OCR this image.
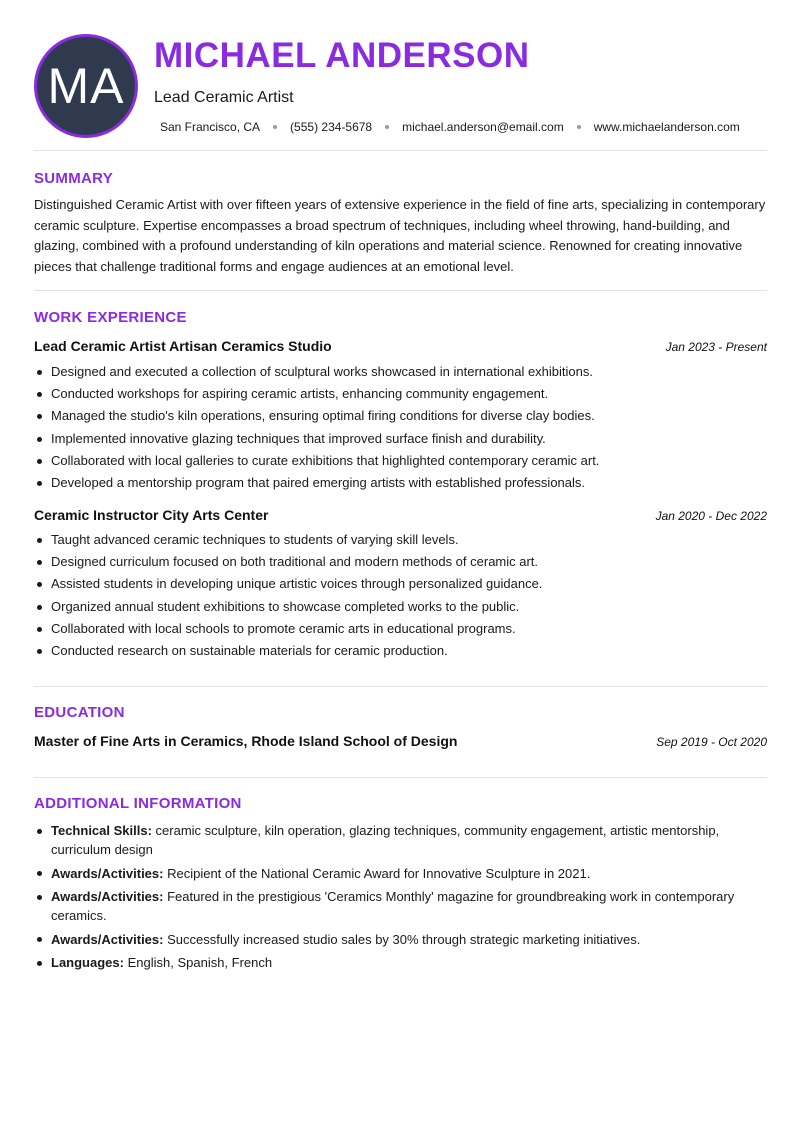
MA
MICHAEL ANDERSON
Lead Ceramic Artist
San Francisco, CA	(555) 234-5678	michael.anderson@email.com	www.michaelanderson.com
SUMMARY

Distinguished Ceramic Artist with over fifteen years of extensive experience in the field of fine arts, specializing in contemporary ceramic sculpture. Expertise encompasses a broad spectrum of techniques, including wheel throwing, hand-building, and glazing, combined with a profound understanding of kiln operations and material science. Renowned for creating innovative pieces that challenge traditional forms and engage audiences at an emotional level.

WORK EXPERIENCE
Lead Ceramic Artist Artisan Ceramics Studio	Jan 2023 - Present
Designed and executed a collection of sculptural works showcased in international exhibitions.
Conducted workshops for aspiring ceramic artists, enhancing community engagement.
Managed the studio's kiln operations, ensuring optimal firing conditions for diverse clay bodies.
Implemented innovative glazing techniques that improved surface finish and durability.
Collaborated with local galleries to curate exhibitions that highlighted contemporary ceramic art.
Developed a mentorship program that paired emerging artists with established professionals.
Ceramic Instructor City Arts Center	Jan 2020 - Dec 2022
Taught advanced ceramic techniques to students of varying skill levels.
Designed curriculum focused on both traditional and modern methods of ceramic art.
Assisted students in developing unique artistic voices through personalized guidance.
Organized annual student exhibitions to showcase completed works to the public.
Collaborated with local schools to promote ceramic arts in educational programs.
Conducted research on sustainable materials for ceramic production.
EDUCATION
Master of Fine Arts in Ceramics, Rhode Island School of Design	Sep 2019 - Oct 2020
ADDITIONAL INFORMATION
Technical Skills: ceramic sculpture, kiln operation, glazing techniques, community engagement, artistic mentorship, curriculum design
Awards/Activities: Recipient of the National Ceramic Award for Innovative Sculpture in 2021.
Awards/Activities: Featured in the prestigious 'Ceramics Monthly' magazine for groundbreaking work in contemporary ceramics.
Awards/Activities: Successfully increased studio sales by 30% through strategic marketing initiatives.
Languages: English, Spanish, French
